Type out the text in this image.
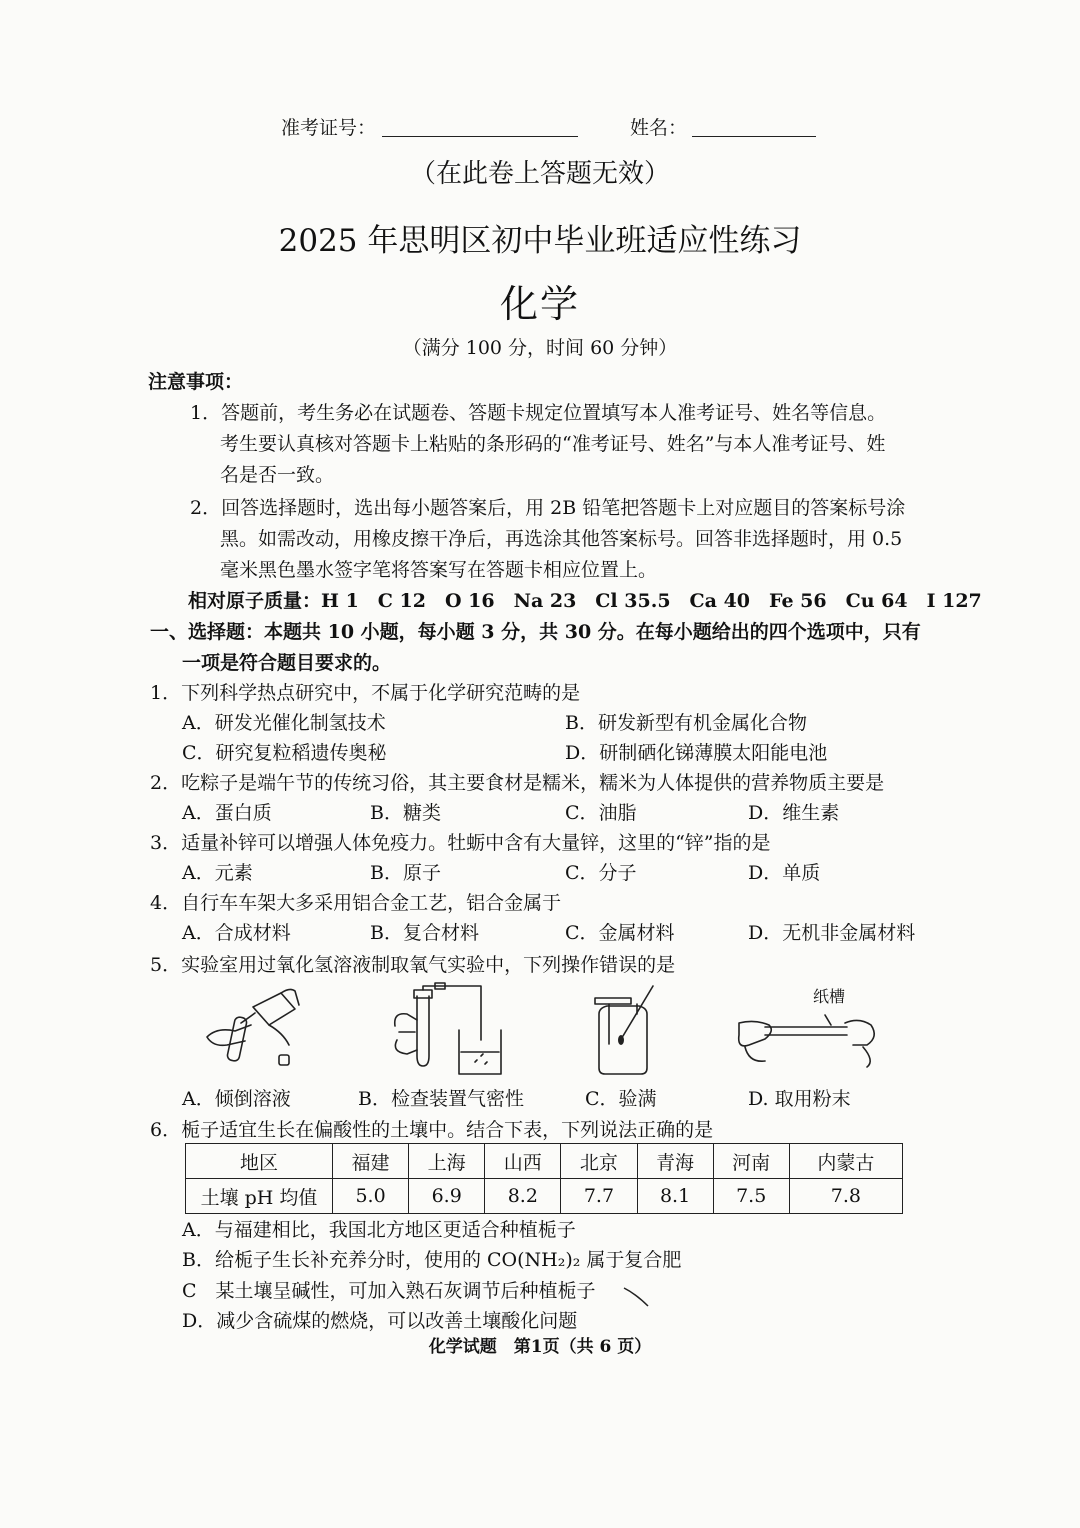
准考证号：	姓名：
（在此卷上答题无效）
2025 年思明区初中毕业班适应性练习
化学
（满分 100 分，时间 60 分钟）
注意事项：
1．答题前，考生务必在试题卷、答题卡规定位置填写本人准考证号、姓名等信息。
考生要认真核对答题卡上粘贴的条形码的“准考证号、姓名”与本人准考证号、姓
名是否一致。
2．回答选择题时，选出每小题答案后，用 2B 铅笔把答题卡上对应题目的答案标号涂
黑。如需改动，用橡皮擦干净后，再选涂其他答案标号。回答非选择题时，用 0.5
毫米黑色墨水签字笔将答案写在答题卡相应位置上。
相对原子质量：H 1　C 12　O 16　Na 23　Cl 35.5　Ca 40　Fe 56　Cu 64　I 127
一、选择题：本题共 10 小题，每小题 3 分，共 30 分。在每小题给出的四个选项中，只有
一项是符合题目要求的。
1．下列科学热点研究中，不属于化学研究范畴的是
A．研发光催化制氢技术	B．研发新型有机金属化合物
C．研究复粒稻遗传奥秘	D．研制硒化锑薄膜太阳能电池
2．吃粽子是端午节的传统习俗，其主要食材是糯米，糯米为人体提供的营养物质主要是
A．蛋白质	B．糖类	C．油脂	D．维生素
3．适量补锌可以增强人体免疫力。牡蛎中含有大量锌，这里的“锌”指的是
A．元素	B．原子	C．分子	D．单质
4．自行车车架大多采用铝合金工艺，铝合金属于
A．合成材料	B．复合材料	C．金属材料	D．无机非金属材料
5．实验室用过氧化氢溶液制取氧气实验中，下列操作错误的是
纸槽
A．倾倒溶液	B．检查装置气密性	C．验满	D. 取用粉末
6．栀子适宜生长在偏酸性的土壤中。结合下表，下列说法正确的是
地区	福建	上海	山西	北京	青海	河南	内蒙古
土壤 pH 均值	5.0	6.9	8.2	7.7	8.1	7.5	7.8
A．与福建相比，我国北方地区更适合种植栀子
B．给栀子生长补充养分时，使用的 CO(NH₂)₂ 属于复合肥
C　某土壤呈碱性，可加入熟石灰调节后种植栀子
D．减少含硫煤的燃烧，可以改善土壤酸化问题
化学试题　第1页（共 6 页）
